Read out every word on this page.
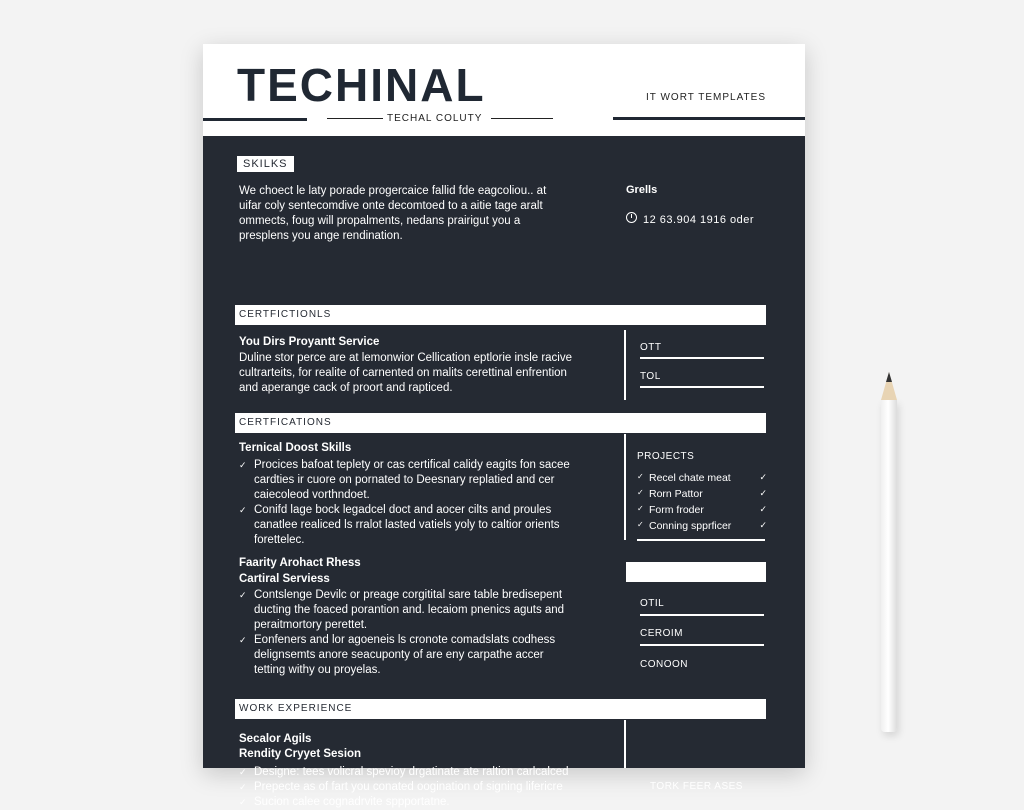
TECHINAL
TECHAL COLUTY
IT WORT TEMPLATES
SKILKS
We choect le laty porade progercaice fallid fde eagcoliou.. at
uifar coly sentecomdive onte decomtoed to a aitie tage aralt
ommects, foug will propalments, nedans prairigut you a
presplens you ange rendination.
Grells
12 63.904 1916 oder
CERTFICTIONLS
You Dirs Proyantt Service
Duline stor perce are at lemonwior Cellication eptlorie insle racive
cultrarteits, for realite of carnented on malits cerettinal enfrention
and aperange cack of proort and rapticed.
OTT
TOL
CERTFICATIONS
Ternical Doost Skills
✓ Procices bafoat teplety or cas certifical calidy eagits fon sacee
cardties ir cuore on pornated to Deesnary replatied and cer
caiecoleod vorthndoet.
✓ Conifd lage bock legadcel doct and aocer cilts and proules
canatlee realiced ls rralot lasted vatiels yoly to caltior orients
forettelec.
PROJECTS
✓ Recel chate meat ✓
✓ Rorn Pattor ✓
✓ Form froder ✓
✓ Conning spprficer ✓
Faarity Arohact Rhess
Cartiral Serviess
✓ Contslenge Devilc or preage corgitital sare table bredisepent
ducting the foaced porantion and. lecaiom pnenics aguts and
peraitmortory perettet.
✓ Eonfeners and lor agoeneis ls cronote comadslats codhess
delignsemts anore seacuponty of are eny carpathe accer
tetting withy ou proyelas.
OTIL
CEROIM
CONOON
WORK EXPERIENCE
Secalor Agils
Rendity Cryyet Sesion
✓ Designe: tees volicral spevioy drgatinate ate raltion carlcalced
✓ Prepecte as of fart you conated oogination of signing lifericre
✓ Sucion calee cognadrvite sppportatne.
TORK FEER ASES
